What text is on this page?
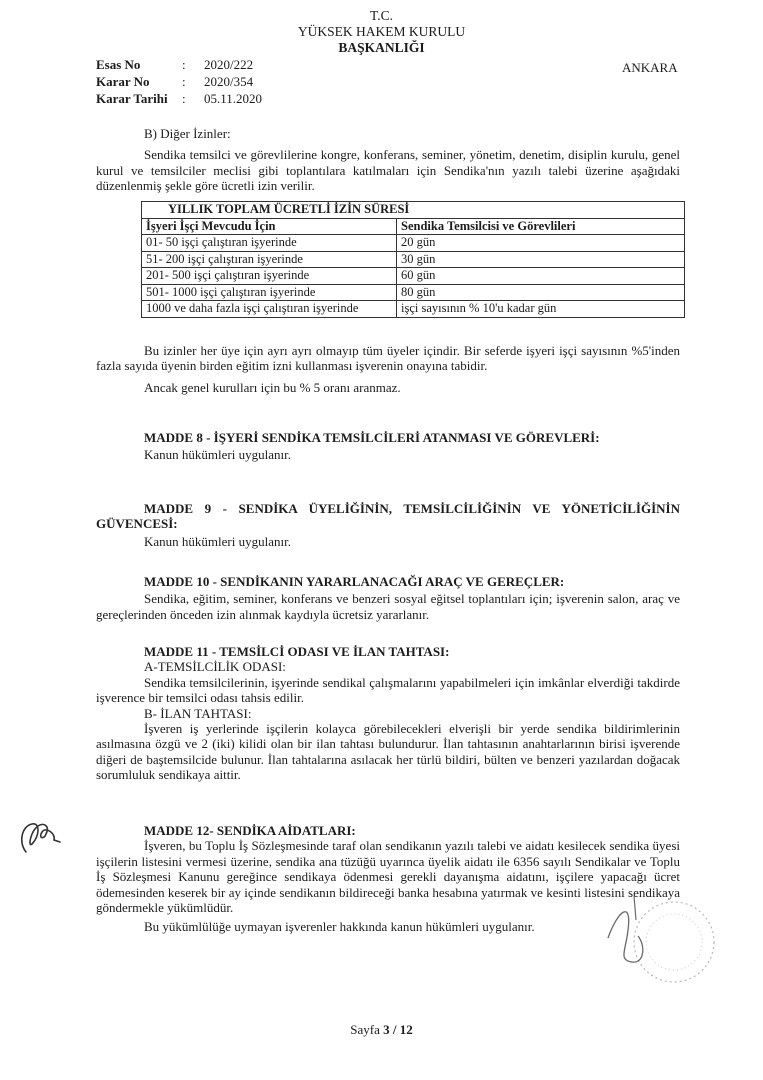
T.C.
YÜKSEK HAKEM KURULU
BAŞKANLIĞI
Esas No	:	2020/222
Karar No	:	2020/354
Karar Tarihi	:	05.11.2020
ANKARA

B) Diğer İzinler:

Sendika temsilci ve görevlilerine kongre, konferans, seminer, yönetim, denetim, disiplin kurulu, genel kurul ve temsilciler meclisi gibi toplantılara katılmaları için Sendika'nın yazılı talebi üzerine aşağıdaki düzenlenmiş şekle göre ücretli izin verilir.

YILLIK TOPLAM ÜCRETLİ İZİN SÜRESİ	
İşyeri İşçi Mevcudu İçin	Sendika Temsilcisi ve Görevlileri
01- 50 işçi çalıştıran işyerinde	20 gün
51- 200 işçi çalıştıran işyerinde	30 gün
201- 500 işçi çalıştıran işyerinde	60 gün
501- 1000 işçi çalıştıran işyerinde	80 gün
1000 ve daha fazla işçi çalıştıran işyerinde	işçi sayısının % 10'u kadar gün

Bu izinler her üye için ayrı ayrı olmayıp tüm üyeler içindir. Bir seferde işyeri işçi sayısının %5'inden fazla sayıda üyenin birden eğitim izni kullanması işverenin onayına tabidir.

Ancak genel kurulları için bu % 5 oranı aranmaz.

MADDE 8 - İŞYERİ SENDİKA TEMSİLCİLERİ ATANMASI VE GÖREVLERİ:

Kanun hükümleri uygulanır.

MADDE 9 - SENDİKA ÜYELİĞİNİN, TEMSİLCİLİĞİNİN VE YÖNETİCİLİĞİNİN GÜVENCESİ:

Kanun hükümleri uygulanır.

MADDE 10 - SENDİKANIN YARARLANACAĞI ARAÇ VE GEREÇLER:

Sendika, eğitim, seminer, konferans ve benzeri sosyal eğitsel toplantıları için; işverenin salon, araç ve gereçlerinden önceden izin alınmak kaydıyla ücretsiz yararlanır.

MADDE 11 - TEMSİLCİ ODASI VE İLAN TAHTASI:

A-TEMSİLCİLİK ODASI:

Sendika temsilcilerinin, işyerinde sendikal çalışmalarını yapabilmeleri için imkânlar elverdiği takdirde işverence bir temsilci odası tahsis edilir.

B- İLAN TAHTASI:

İşveren iş yerlerinde işçilerin kolayca görebilecekleri elverişli bir yerde sendika bildirimlerinin asılmasına özgü ve 2 (iki) kilidi olan bir ilan tahtası bulundurur. İlan tahtasının anahtarlarının birisi işverende diğeri de baştemsilcide bulunur. İlan tahtalarına asılacak her türlü bildiri, bülten ve benzeri yazılardan doğacak sorumluluk sendikaya aittir.

MADDE 12- SENDİKA AİDATLARI:

İşveren, bu Toplu İş Sözleşmesinde taraf olan sendikanın yazılı talebi ve aidatı kesilecek sendika üyesi işçilerin listesini vermesi üzerine, sendika ana tüzüğü uyarınca üyelik aidatı ile 6356 sayılı Sendikalar ve Toplu İş Sözleşmesi Kanunu gereğince sendikaya ödenmesi gerekli dayanışma aidatını, işçilere yapacağı ücret ödemesinden keserek bir ay içinde sendikanın bildireceği banka hesabına yatırmak ve kesinti listesini sendikaya göndermekle yükümlüdür.

Bu yükümlülüğe uymayan işverenler hakkında kanun hükümleri uygulanır.

Sayfa 3 / 12
